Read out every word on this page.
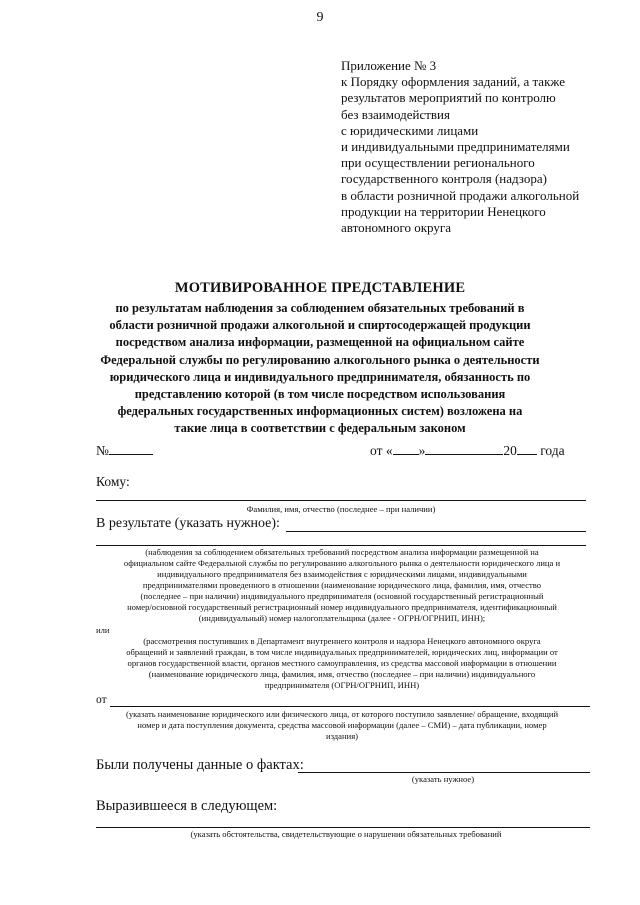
9
Приложение № 3
к Порядку оформления заданий, а также
результатов мероприятий по контролю
без взаимодействия
с юридическими лицами
и индивидуальными предпринимателями
при осуществлении регионального
государственного контроля (надзора)
в области розничной продажи алкогольной
продукции на территории Ненецкого
автономного округа
МОТИВИРОВАННОЕ ПРЕДСТАВЛЕНИЕ
по результатам наблюдения за соблюдением обязательных требований в
области розничной продажи алкогольной и спиртосодержащей продукции
посредством анализа информации, размещенной на официальном сайте
Федеральной службы по регулированию алкогольного рынка о деятельности
юридического лица и индивидуального предпринимателя, обязанность по
представлению которой (в том числе посредством использования
федеральных государственных информационных систем) возложена на
такие лица в соответствии с федеральным законом
№	от « »	20 года
Кому:
Фамилия, имя, отчество (последнее – при наличии)
В результате (указать нужное):
(наблюдения за соблюдением обязательных требований посредством анализа информации размещенной на
официальном сайте Федеральной службы по регулированию алкогольного рынка о деятельности юридического лица и
индивидуального предпринимателя без взаимодействия с юридическими лицами, индивидуальными
предпринимателями проведенного в отношении (наименование юридического лица, фамилия, имя, отчество
(последнее – при наличии) индивидуального предпринимателя (основной государственный регистрационный
номер/основной государственный регистрационный номер индивидуального предпринимателя, идентификационный
(индивидуальный) номер налогоплательщика (далее - ОГРН/ОГРНИП, ИНН);
или
(рассмотрения поступивших в Департамент внутреннего контроля и надзора Ненецкого автономного округа
обращений и заявлений граждан, в том числе индивидуальных предпринимателей, юридических лиц, информации от
органов государственной власти, органов местного самоуправления, из средства массовой информации в отношении
(наименование юридического лица, фамилия, имя, отчество (последнее – при наличии) индивидуального
предпринимателя (ОГРН/ОГРНИП, ИНН)
от
(указать наименование юридического или физического лица, от которого поступило заявление/ обращение, входящий
номер и дата поступления документа, средства массовой информации (далее – СМИ) – дата публикации, номер
издания)
Были получены данные о фактах:
(указать нужное)
Выразившееся в следующем:
(указать обстоятельства, свидетельствующие о нарушении обязательных требований
